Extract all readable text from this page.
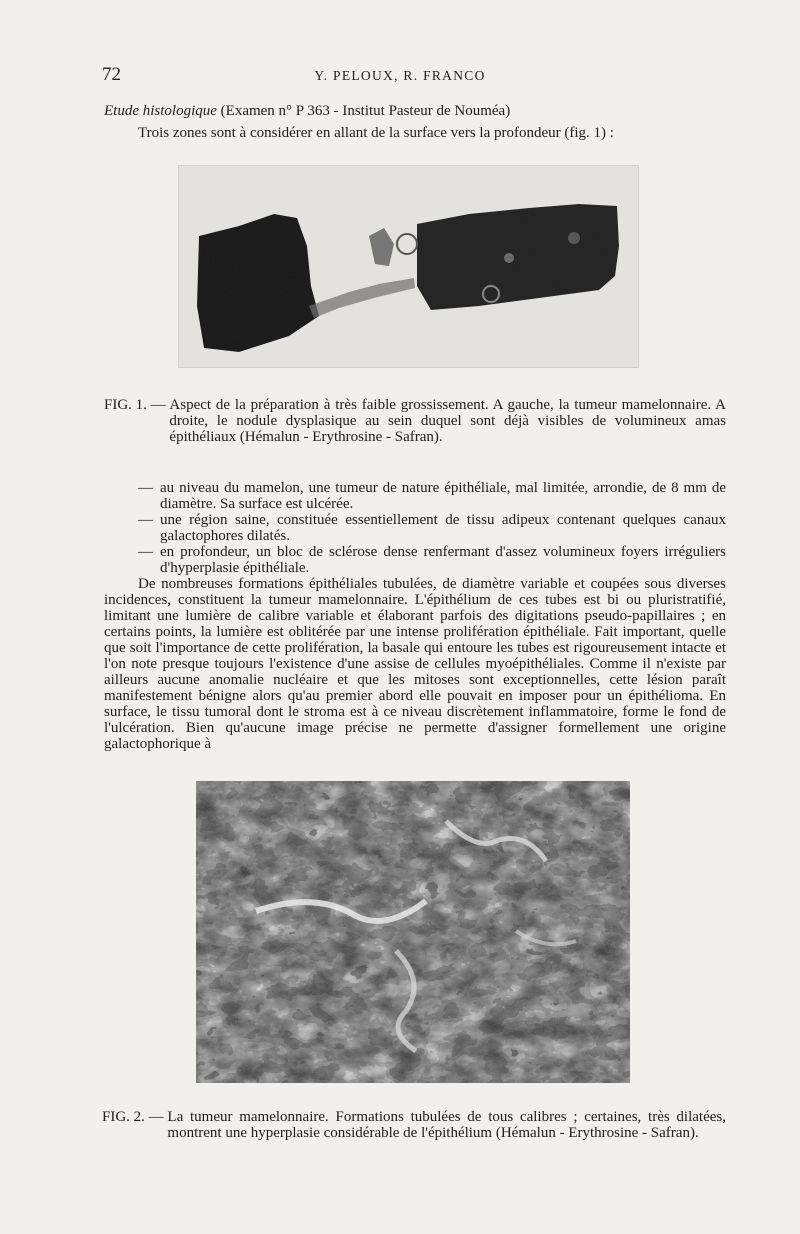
72	Y. PELOUX, R. FRANCO
Etude histologique (Examen n° P 363 - Institut Pasteur de Nouméa)
Trois zones sont à considérer en allant de la surface vers la profondeur (fig. 1) :
FIG. 1. — Aspect de la préparation à très faible grossissement. A gauche, la tumeur mamelonnaire. A droite, le nodule dysplasique au sein duquel sont déjà visibles de volumineux amas épithéliaux (Hémalun - Erythrosine - Safran).
— au niveau du mamelon, une tumeur de nature épithéliale, mal limitée, arrondie, de 8 mm de diamètre. Sa surface est ulcérée.
— une région saine, constituée essentiellement de tissu adipeux contenant quelques canaux galactophores dilatés.
— en profondeur, un bloc de sclérose dense renfermant d'assez volumineux foyers irréguliers d'hyperplasie épithéliale.

De nombreuses formations épithéliales tubulées, de diamètre variable et coupées sous diverses incidences, constituent la tumeur mamelonnaire. L'épithélium de ces tubes est bi ou pluristratifié, limitant une lumière de calibre variable et élaborant parfois des digitations pseudo-papillaires ; en certains points, la lumière est oblitérée par une intense prolifération épithéliale. Fait important, quelle que soit l'importance de cette prolifération, la basale qui entoure les tubes est rigoureusement intacte et l'on note presque toujours l'existence d'une assise de cellules myoépithéliales. Comme il n'existe par ailleurs aucune anomalie nucléaire et que les mitoses sont exceptionnelles, cette lésion paraît manifestement bénigne alors qu'au premier abord elle pouvait en imposer pour un épithélioma. En surface, le tissu tumoral dont le stroma est à ce niveau discrètement inflammatoire, forme le fond de l'ulcération. Bien qu'aucune image précise ne permette d'assigner formellement une origine galactophorique à

FIG. 2. — La tumeur mamelonnaire. Formations tubulées de tous calibres ; certaines, très dilatées, montrent une hyperplasie considérable de l'épithélium (Hémalun - Erythrosine - Safran).
